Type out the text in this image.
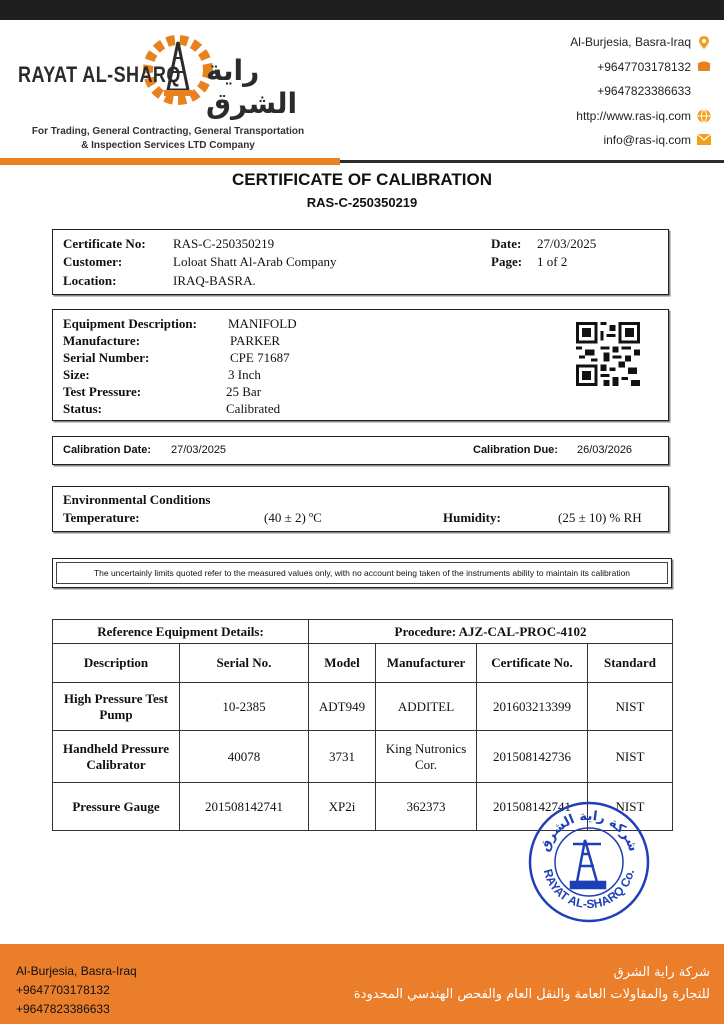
RAYAT AL-SHARQ راية الشرق
For Trading, General Contracting, General Transportation
& Inspection Services LTD Company
Al-Burjesia, Basra-Iraq
+9647703178132
+9647823386633
http://www.ras-iq.com
info@ras-iq.com
CERTIFICATE OF CALIBRATION
RAS-C-250350219
Certificate No: RAS-C-250350219
Customer:	Loloat Shatt Al-Arab Company
Location:	IRAQ-BASRA.
Date: 27/03/2025
Page: 1 of 2
Equipment Description: MANIFOLD
Manufacture:	PARKER
Serial Number:	CPE 71687
Size:	3 Inch
Test Pressure:	25 Bar
Status:	Calibrated
Calibration Date: 27/03/2025	Calibration Due: 26/03/2026
Environmental Conditions
Temperature:	(40 ± 2) ºC	Humidity:	(25 ± 10) % RH
The uncertainly limits quoted refer to the measured values only, with no account being taken of the instruments ability to maintain its calibration
Reference Equipment Details:		Procedure: AJZ-CAL-PROC-4102			
Description	Serial No.	Model	Manufacturer	Certificate No.	Standard
High Pressure Test Pump	10-2385	ADT949	ADDITEL	201603213399	NIST
Handheld Pressure Calibrator	40078	3731	King Nutronics Cor.	201508142736	NIST
Pressure Gauge	201508142741	XP2i	362373	201508142741	NIST
شركة راية الشرق
RAYAT AL-SHARQ Co.
Al-Burjesia, Basra-Iraq
+9647703178132
+9647823386633
شركة راية الشرق
للتجارة والمقاولات العامة والنقل العام والفحص الهندسي المحدودة
